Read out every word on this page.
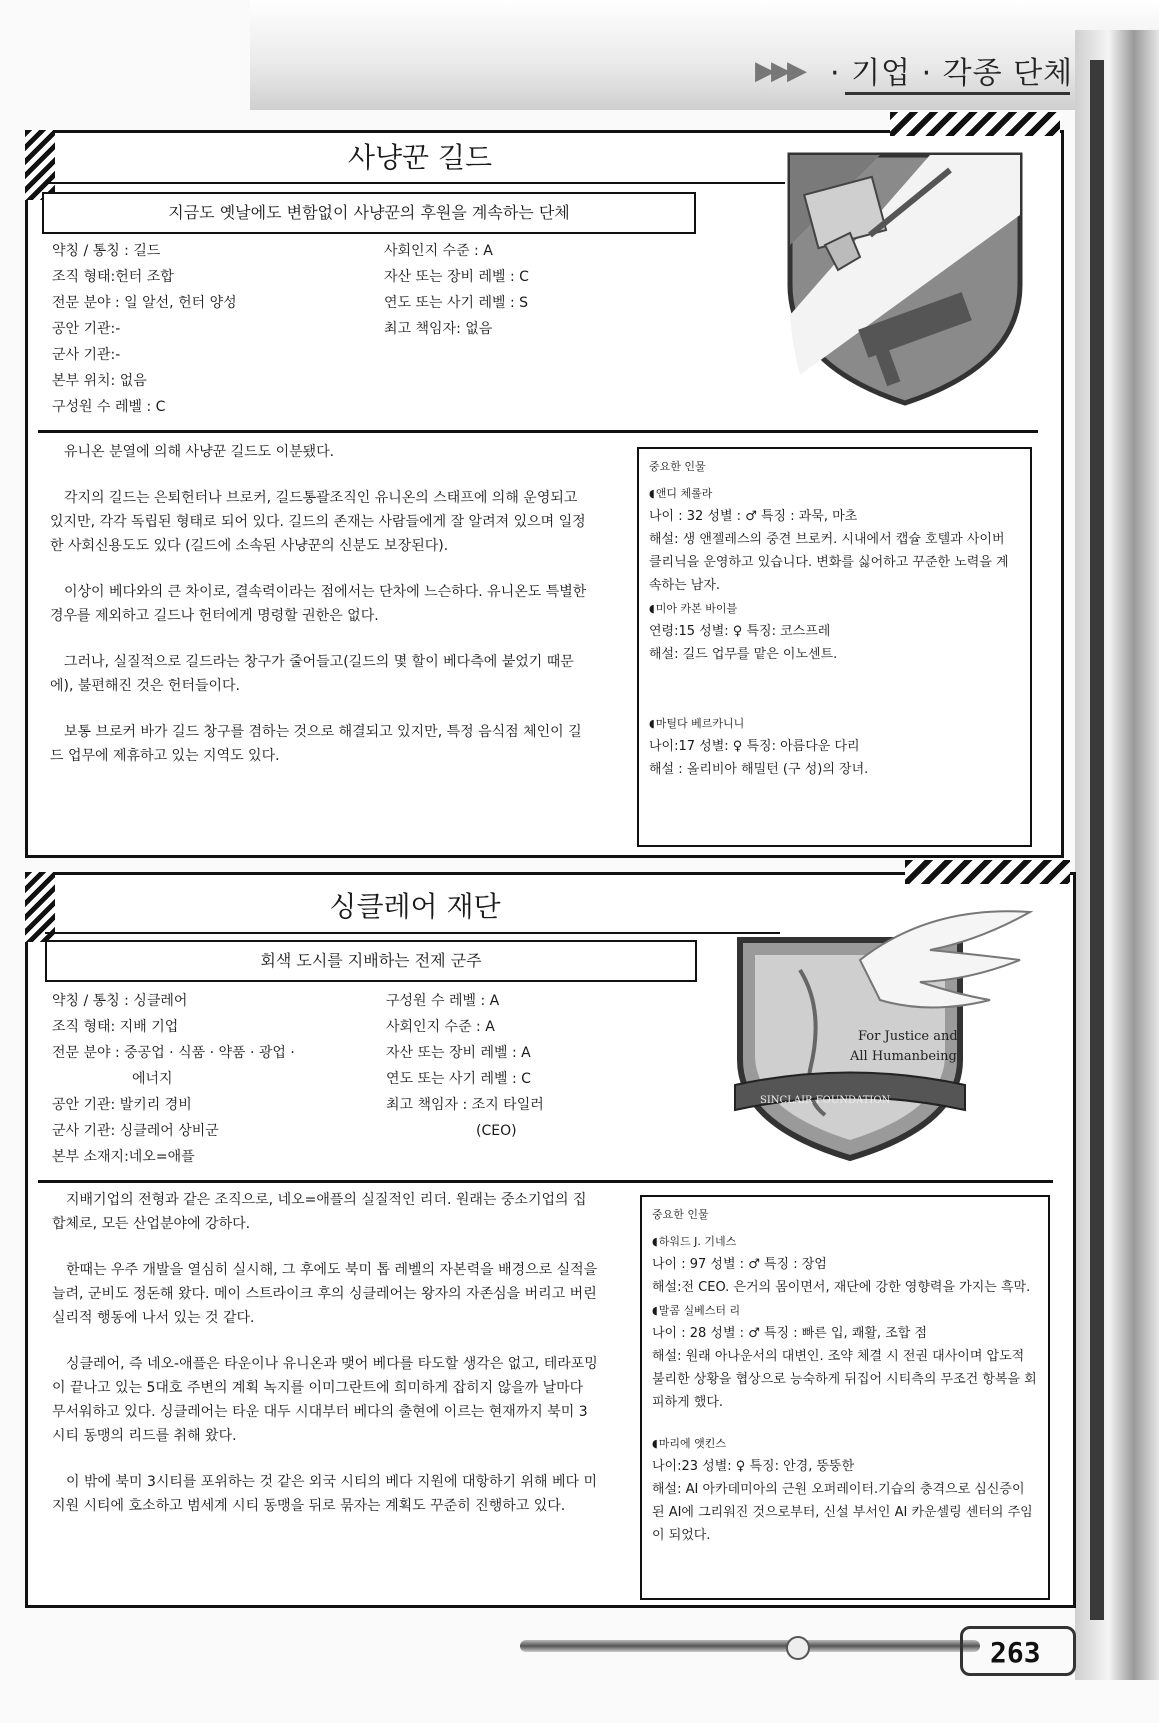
▶▶▶ · 기업 · 각종 단체
사냥꾼 길드
지금도 옛날에도 변함없이 사냥꾼의 후원을 계속하는 단체
약칭 / 통칭 : 길드
조직 형태:헌터 조합
전문 분야 : 일 알선, 헌터 양성
공안 기관:-
군사 기관:-
본부 위치: 없음
구성원 수 레벨 : C
사회인지 수준 : A
자산 또는 장비 레벨 : C
연도 또는 사기 레벨 : S
최고 책임자: 없음

유니온 분열에 의해 사냥꾼 길드도 이분됐다.

각지의 길드는 은퇴헌터나 브로커, 길드통괄조직인 유니온의 스태프에 의해 운영되고 있지만, 각각 독립된 형태로 되어 있다. 길드의 존재는 사람들에게 잘 알려져 있으며 일정한 사회신용도도 있다 (길드에 소속된 사냥꾼의 신분도 보장된다).

이상이 베다와의 큰 차이로, 결속력이라는 점에서는 단차에 느슨하다. 유니온도 특별한 경우를 제외하고 길드나 헌터에게 명령할 권한은 없다.

그러나, 실질적으로 길드라는 창구가 줄어들고(길드의 몇 할이 베다측에 붙었기 때문에), 불편해진 것은 헌터들이다.

보통 브로커 바가 길드 창구를 겸하는 것으로 해결되고 있지만, 특정 음식점 체인이 길드 업무에 제휴하고 있는 지역도 있다.

중요한 인물
◖ 앤디 체롤라
나이 : 32 성별 : ♂ 특징 : 과묵, 마초
해설: 생 앤젤레스의 중견 브로커. 시내에서 캡슐 호텔과 사이버 클리닉을 운영하고 있습니다. 변화를 싫어하고 꾸준한 노력을 계속하는 남자.
◖ 미아 카본 바이블
연령:15 성별: ♀ 특징: 코스프레
해설: 길드 업무를 맡은 이노센트.
◖ 마틸다 베르카니니
나이:17 성별: ♀ 특징: 아름다운 다리
해설 : 올리비아 해밀턴 (구 성)의 장녀.
싱클레어 재단
회색 도시를 지배하는 전제 군주
약칭 / 통칭 : 싱클레어
조직 형태: 지배 기업
전문 분야 : 중공업 · 식품 · 약품 · 광업 ·
에너지
공안 기관: 발키리 경비
군사 기관: 싱클레어 상비군
본부 소재지:네오=애플
구성원 수 레벨 : A
사회인지 수준 : A
자산 또는 장비 레벨 : A
연도 또는 사기 레벨 : C
최고 책임자 : 조지 타일러
(CEO)
For Justice and
All Humanbeing
SINCLAIR FOUNDATION

지배기업의 전형과 같은 조직으로, 네오=애플의 실질적인 리더. 원래는 중소기업의 집합체로, 모든 산업분야에 강하다.

한때는 우주 개발을 열심히 실시해, 그 후에도 북미 톱 레벨의 자본력을 배경으로 실적을 늘려, 군비도 정돈해 왔다. 메이 스트라이크 후의 싱클레어는 왕자의 자존심을 버리고 버린 실리적 행동에 나서 있는 것 같다.

싱클레어, 즉 네오-애플은 타운이나 유니온과 맺어 베다를 타도할 생각은 없고, 테라포밍이 끝나고 있는 5대호 주변의 계획 녹지를 이미그란트에 희미하게 잡히지 않을까 날마다 무서워하고 있다. 싱클레어는 타운 대두 시대부터 베다의 출현에 이르는 현재까지 북미 3시티 동맹의 리드를 취해 왔다.

이 밖에 북미 3시티를 포위하는 것 같은 외국 시티의 베다 지원에 대항하기 위해 베다 미지원 시티에 호소하고 범세계 시티 동맹을 뒤로 묶자는 계획도 꾸준히 진행하고 있다.

중요한 인물
◖ 하워드 J. 기네스
나이 : 97 성별 : ♂ 특징 : 장엄
해설:전 CEO. 은거의 몸이면서, 재단에 강한 영향력을 가지는 흑막.
◖ 말콤 실베스터 리
나이 : 28 성별 : ♂ 특징 : 빠른 입, 쾌활, 조합 점
해설: 원래 아나운서의 대변인. 조약 체결 시 전권 대사이며 압도적 불리한 상황을 협상으로 능숙하게 뒤집어 시티측의 무조건 항복을 회피하게 했다.
◖ 마리에 앳킨스
나이:23 성별: ♀ 특징: 안경, 뚱뚱한
해설: AI 아카데미아의 근원 오퍼레이터.기습의 충격으로 심신증이 된 AI에 그리워진 것으로부터, 신설 부서인 AI 카운셀링 센터의 주임이 되었다.
263
